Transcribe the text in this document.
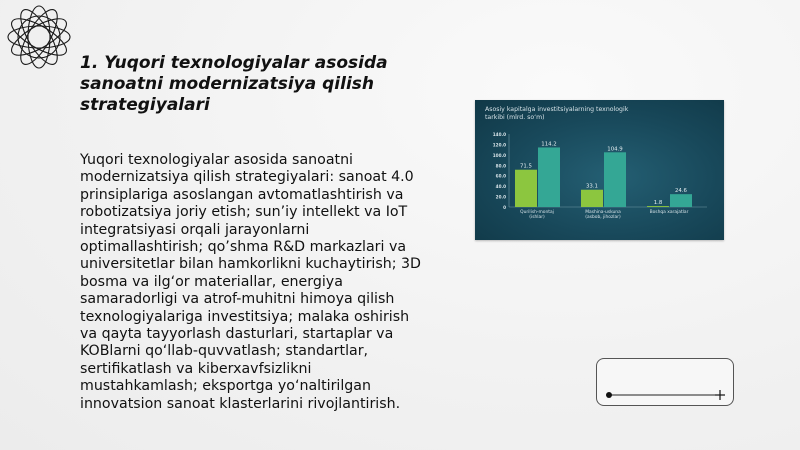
1. Yuqori texnologiyalar asosida sanoatni modernizatsiya qilish strategiyalari

Yuqori texnologiyalar asosida sanoatni modernizatsiya qilish strategiyalari: sanoat 4.0 prinsiplariga asoslangan avtomatlashtirish va robotizatsiya joriy etish; sun’iy intellekt va IoT integratsiyasi orqali jarayonlarni optimallashtirish; qo’shma R&D markazlari va universitetlar bilan hamkorlikni kuchaytirish; 3D bosma va ilg‘or materiallar, energiya samaradorligi va atrof-muhitni himoya qilish texnologiyalariga investitsiya; malaka oshirish va qayta tayyorlash dasturlari, startaplar va KOBlarni qo‘llab-quvvatlash; standartlar, sertifikatlash va kiberxavfsizlikni mustahkamlash; eksportga yo‘naltirilgan innovatsion sanoat klasterlarini rivojlantirish.

Asosiy kapitalga investitsiyalarning texnologik
tarkibi (mlrd. so‘m)
0
20.0
40.0
60.0
80.0
100.0
120.0
140.0
71.5
114.2
Qurilish-montaj
(ishlar)
33.1
104.9
Mashina-uskuna
(asbob, jihozlar)
1.8
24.6
Boshqa xarajatlar
